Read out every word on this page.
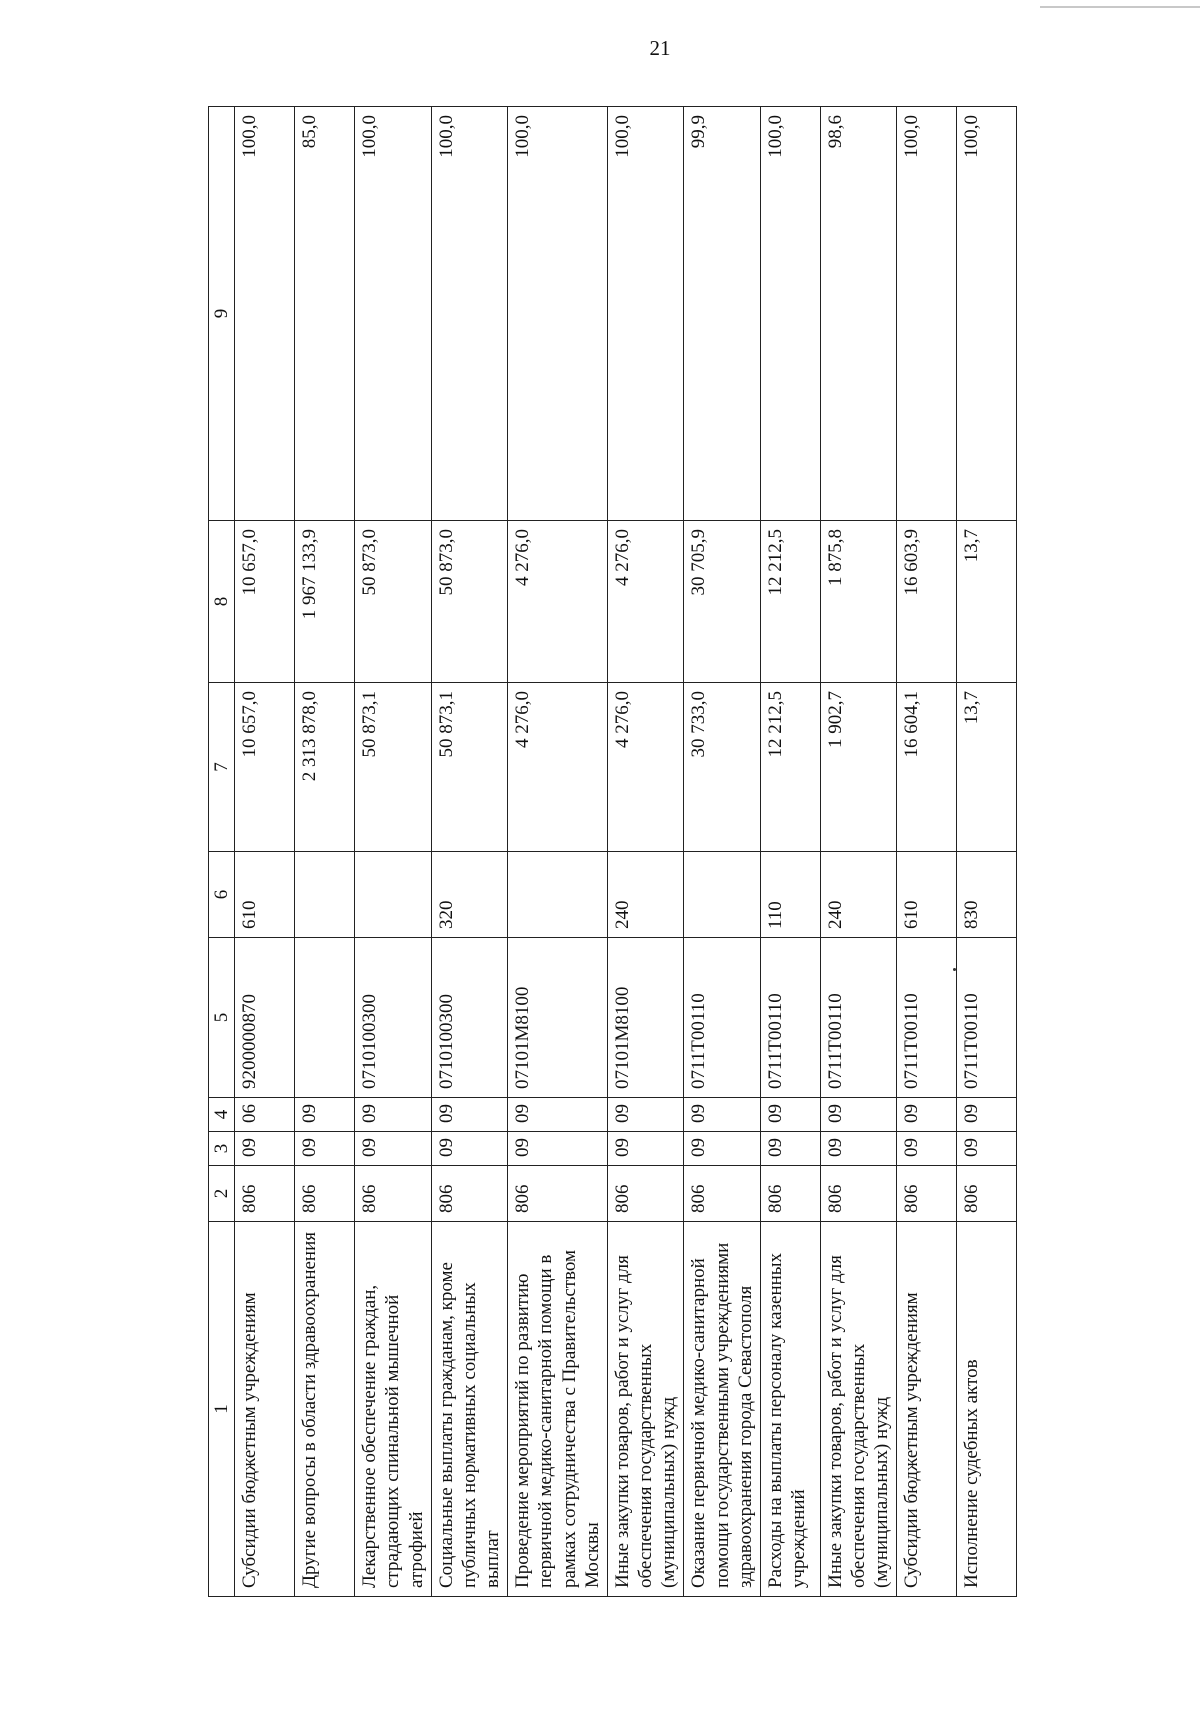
21
1	2	3	4	5	6	7	8	9
Субсидии бюджетным учреждениям	806	09	06	9200000870	610	10 657,0	10 657,0	100,0
Другие вопросы в области здравоохранения	806	09	09			2 313 878,0	1 967 133,9	85,0
Лекарственное обеспечение граждан, страдающих спинальной мышечной атрофией	806	09	09	0710100300		50 873,1	50 873,0	100,0
Социальные выплаты гражданам, кроме публичных нормативных социальных выплат	806	09	09	0710100300	320	50 873,1	50 873,0	100,0
Проведение мероприятий по развитию первичной медико-санитарной помощи в рамках сотрудничества с Правительством Москвы	806	09	09	07101M8100		4 276,0	4 276,0	100,0
Иные закупки товаров, работ и услуг для обеспечения государственных (муниципальных) нужд	806	09	09	07101M8100	240	4 276,0	4 276,0	100,0
Оказание первичной медико-санитарной помощи государственными учреждениями здравоохранения города Севастополя	806	09	09	0711Т00110		30 733,0	30 705,9	99,9
Расходы на выплаты персоналу казенных учреждений	806	09	09	0711Т00110	110	12 212,5	12 212,5	100,0
Иные закупки товаров, работ и услуг для обеспечения государственных (муниципальных) нужд	806	09	09	0711Т00110	240	1 902,7	1 875,8	98,6
Субсидии бюджетным учреждениям	806	09	09	0711Т00110	610	16 604,1	16 603,9	100,0
Исполнение судебных актов	806	09	09	0711Т00110	830	13,7	13,7	100,0
